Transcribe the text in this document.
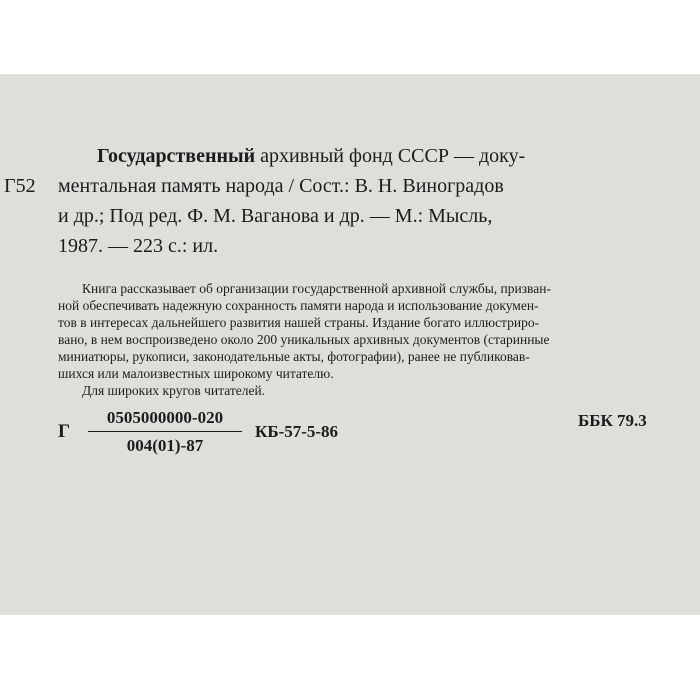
Г52
Государственный архивный фонд СССР — доку-
ментальная память народа / Сост.: В. Н. Виноградов
и др.; Под ред. Ф. М. Ваганова и др. — М.: Мысль,
1987. — 223 с.: ил.
Книга рассказывает об организации государственной архивной службы, призван-
ной обеспечивать надежную сохранность памяти народа и использование докумен-
тов в интересах дальнейшего развития нашей страны. Издание богато иллюстриро-
вано, в нем воспроизведено около 200 уникальных архивных документов (старинные
миниатюры, рукописи, законодательные акты, фотографии), ранее не публиковав-
шихся или малоизвестных широкому читателю.
Для широких кругов читателей.
Г
0505000000-020
004(01)-87
КБ-57-5-86
ББК 79.3
